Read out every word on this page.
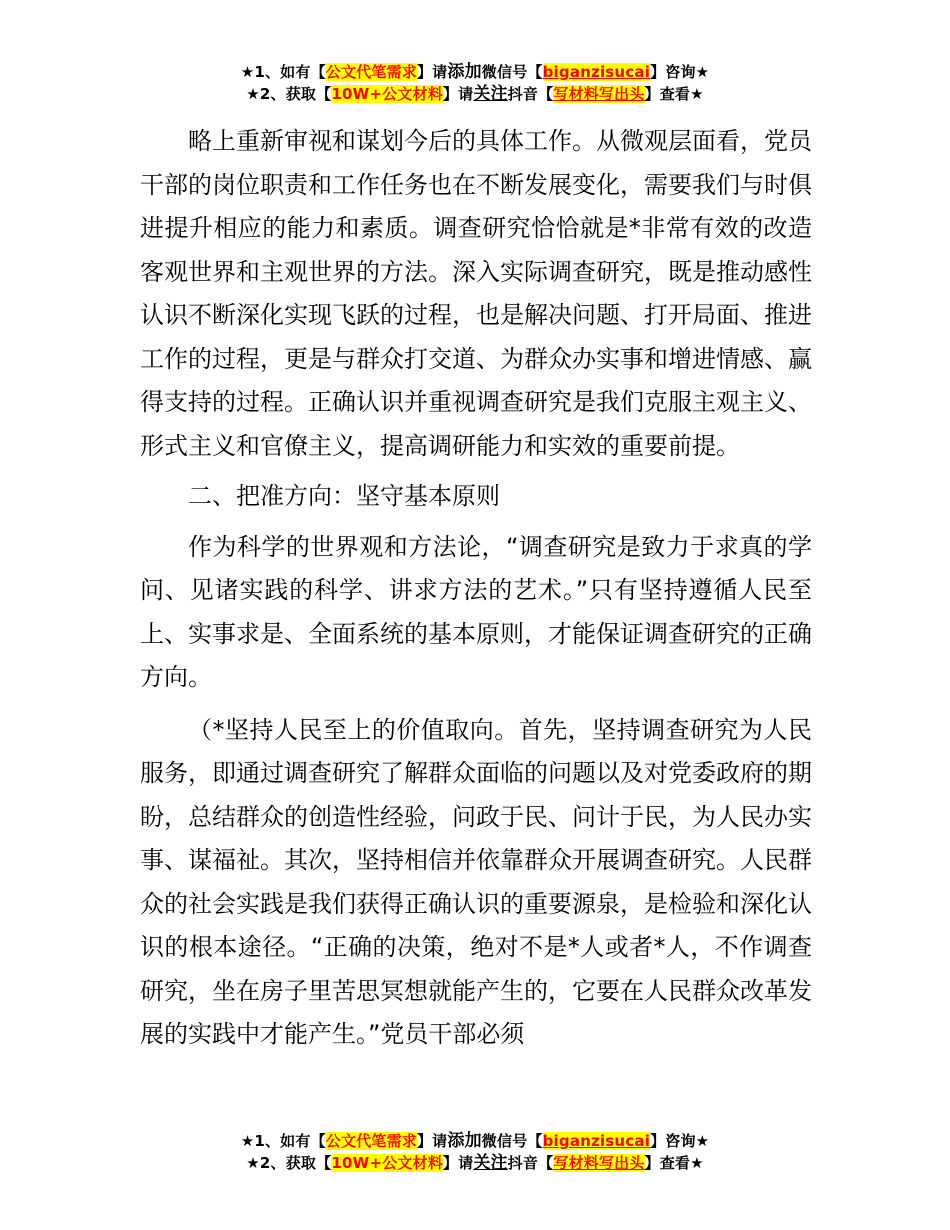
★1、如有【公文代笔需求】请添加微信号【biganzisucai】咨询★
★2、获取【10W+公文材料】请关注抖音【写材料写出头】查看★

略上重新审视和谋划今后的具体工作。从微观层面看，党员干部的岗位职责和工作任务也在不断发展变化，需要我们与时俱进提升相应的能力和素质。调查研究恰恰就是*非常有效的改造客观世界和主观世界的方法。深入实际调查研究，既是推动感性认识不断深化实现飞跃的过程，也是解决问题、打开局面、推进工作的过程，更是与群众打交道、为群众办实事和增进情感、赢得支持的过程。正确认识并重视调查研究是我们克服主观主义、形式主义和官僚主义，提高调研能力和实效的重要前提。

二、把准方向：坚守基本原则

作为科学的世界观和方法论，“调查研究是致力于求真的学问、见诸实践的科学、讲求方法的艺术。”只有坚持遵循人民至上、实事求是、全面系统的基本原则，才能保证调查研究的正确方向。

（*坚持人民至上的价值取向。首先，坚持调查研究为人民服务，即通过调查研究了解群众面临的问题以及对党委政府的期盼，总结群众的创造性经验，问政于民、问计于民，为人民办实事、谋福祉。其次，坚持相信并依靠群众开展调查研究。人民群众的社会实践是我们获得正确认识的重要源泉，是检验和深化认识的根本途径。“正确的决策，绝对不是*人或者*人，不作调查研究，坐在房子里苦思冥想就能产生的，它要在人民群众改革发展的实践中才能产生。”党员干部必须

★1、如有【公文代笔需求】请添加微信号【biganzisucai】咨询★
★2、获取【10W+公文材料】请关注抖音【写材料写出头】查看★
